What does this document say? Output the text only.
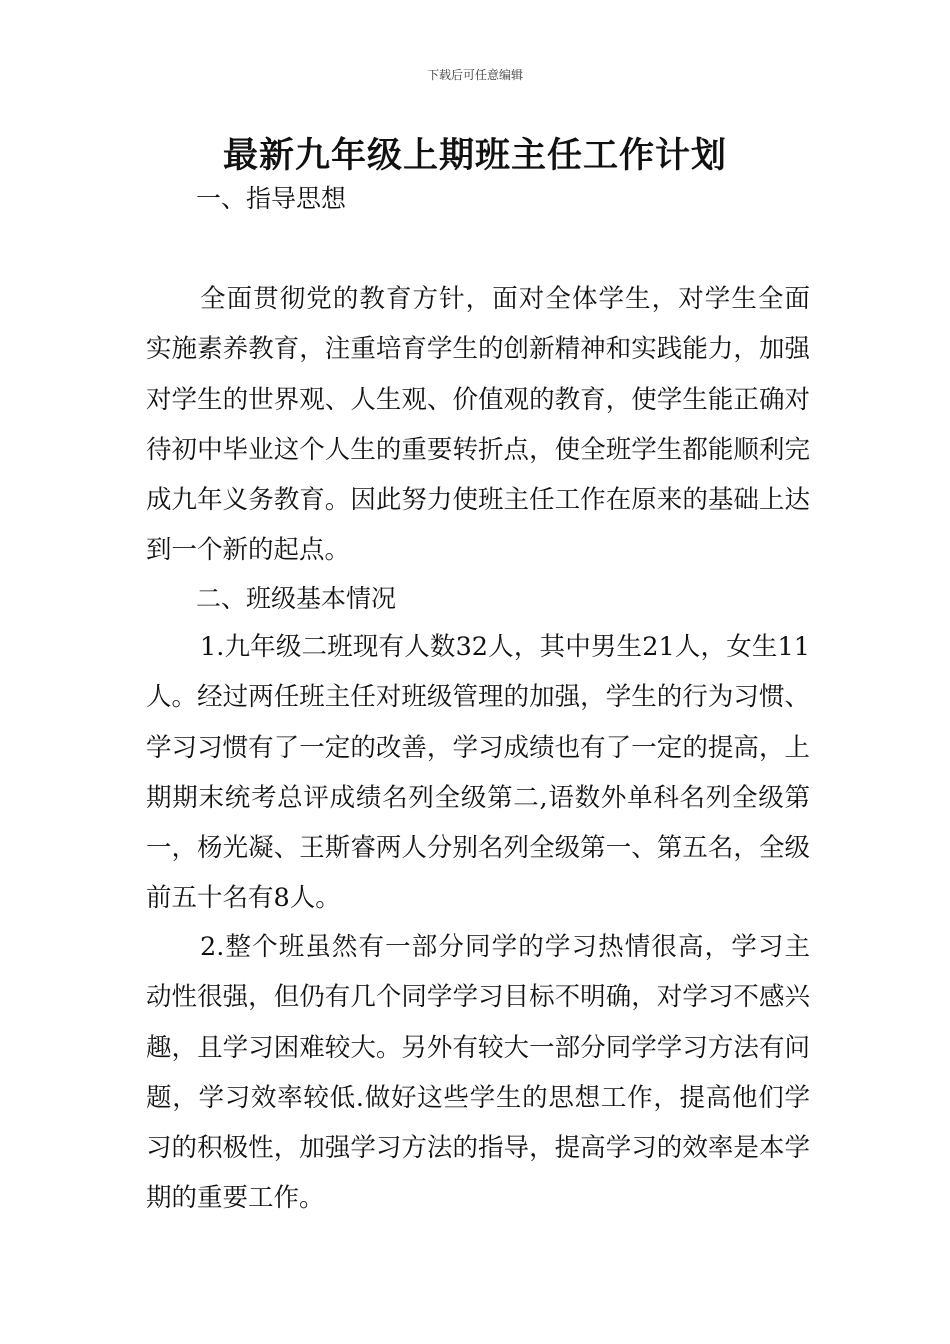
下载后可任意编辑
最新九年级上期班主任工作计划
一、指导思想

全面贯彻党的教育方针，面对全体学生，对学生全面实施素养教育，注重培育学生的创新精神和实践能力，加强对学生的世界观、人生观、价值观的教育，使学生能正确对待初中毕业这个人生的重要转折点，使全班学生都能顺利完成九年义务教育。因此努力使班主任工作在原来的基础上达到一个新的起点。

二、班级基本情况

1.九年级二班现有人数32人，其中男生21人，女生11人。经过两任班主任对班级管理的加强，学生的行为习惯、学习习惯有了一定的改善，学习成绩也有了一定的提高，上期期末统考总评成绩名列全级第二,语数外单科名列全级第一，杨光凝、王斯睿两人分别名列全级第一、第五名，全级前五十名有8人。

2.整个班虽然有一部分同学的学习热情很高，学习主动性很强，但仍有几个同学学习目标不明确，对学习不感兴趣，且学习困难较大。另外有较大一部分同学学习方法有问题，学习效率较低.做好这些学生的思想工作，提高他们学习的积极性，加强学习方法的指导，提高学习的效率是本学期的重要工作。
